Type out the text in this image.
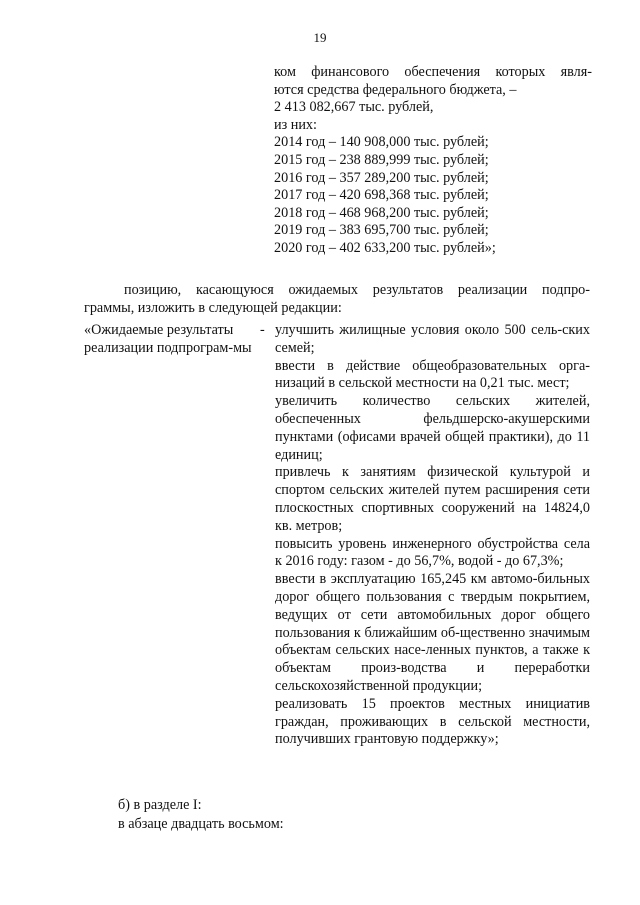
19
ком финансового обеспечения которых явля-
ются средства федерального бюджета, –
2 413 082,667 тыс. рублей,
из них:
2014 год – 140 908,000 тыс. рублей;
2015 год – 238 889,999 тыс. рублей;
2016 год – 357 289,200 тыс. рублей;
2017 год – 420 698,368 тыс. рублей;
2018 год – 468 968,200 тыс. рублей;
2019 год – 383 695,700 тыс. рублей;
2020 год – 402 633,200 тыс. рублей»;
позицию, касающуюся ожидаемых результатов реализации подпро-
граммы, изложить в следующей редакции:
«Ожидаемые результаты реализации подпрограм-мы
- улучшить жилищные условия около 500 сель-ских семей;
ввести в действие общеобразовательных орга-низаций в сельской местности на 0,21 тыс. мест;
увеличить количество сельских жителей, обеспеченных фельдшерско-акушерскими пунктами (офисами врачей общей практики), до 11 единиц;
привлечь к занятиям физической культурой и спортом сельских жителей путем расширения сети плоскостных спортивных сооружений на 14824,0 кв. метров;
повысить уровень инженерного обустройства села к 2016 году: газом - до 56,7%, водой - до 67,3%;
ввести в эксплуатацию 165,245 км автомо-бильных дорог общего пользования с твердым покрытием, ведущих от сети автомобильных дорог общего пользования к ближайшим об-щественно значимым объектам сельских насе-ленных пунктов, а также к объектам произ-водства и переработки сельскохозяйственной продукции;
реализовать 15 проектов местных инициатив граждан, проживающих в сельской местности, получивших грантовую поддержку»;
б) в разделе I:
в абзаце двадцать восьмом:
